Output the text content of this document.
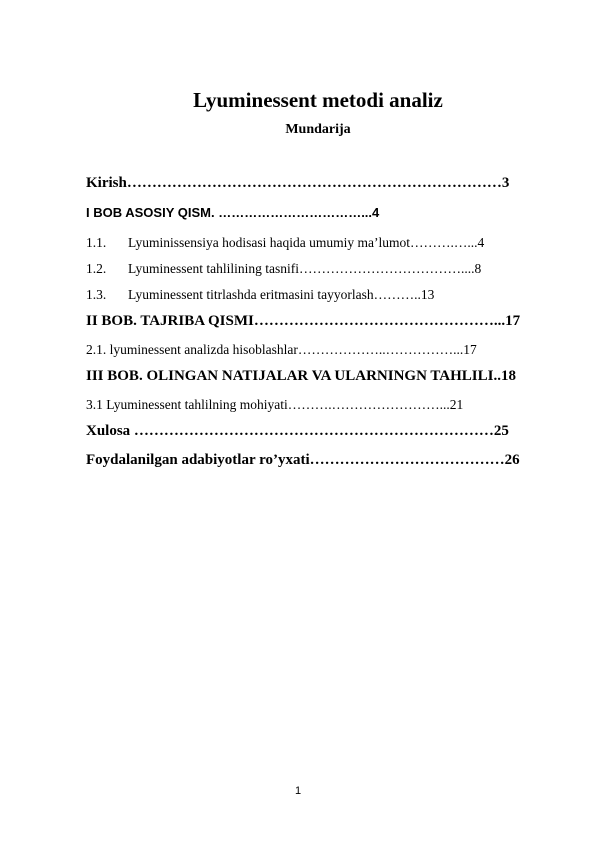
Lyuminessent metodi analiz
Mundarija
Kirish…………………………………………………………………3
I BOB ASOSIY QISM. ……………………………...4
1.1. Lyuminissensiya hodisasi haqida umumiy ma’lumot……….…...4
1.2. Lyuminessent tahlilining tasnifi………………………………....8
1.3. Lyuminessent titrlashda eritmasini tayyorlash………..13
II BOB. TAJRIBA QISMI…………………………………………...17
2.1. lyuminessent analizda hisoblashlar………………..……………...17
III BOB. OLINGAN NATIJALAR VA ULARNINGN TAHLILI..18
3.1 Lyuminessent tahlilning mohiyati……….……………………...21
Xulosa ………………………………………………………………25
Foydalanilgan adabiyotlar ro’yxati…………………………………26
1
